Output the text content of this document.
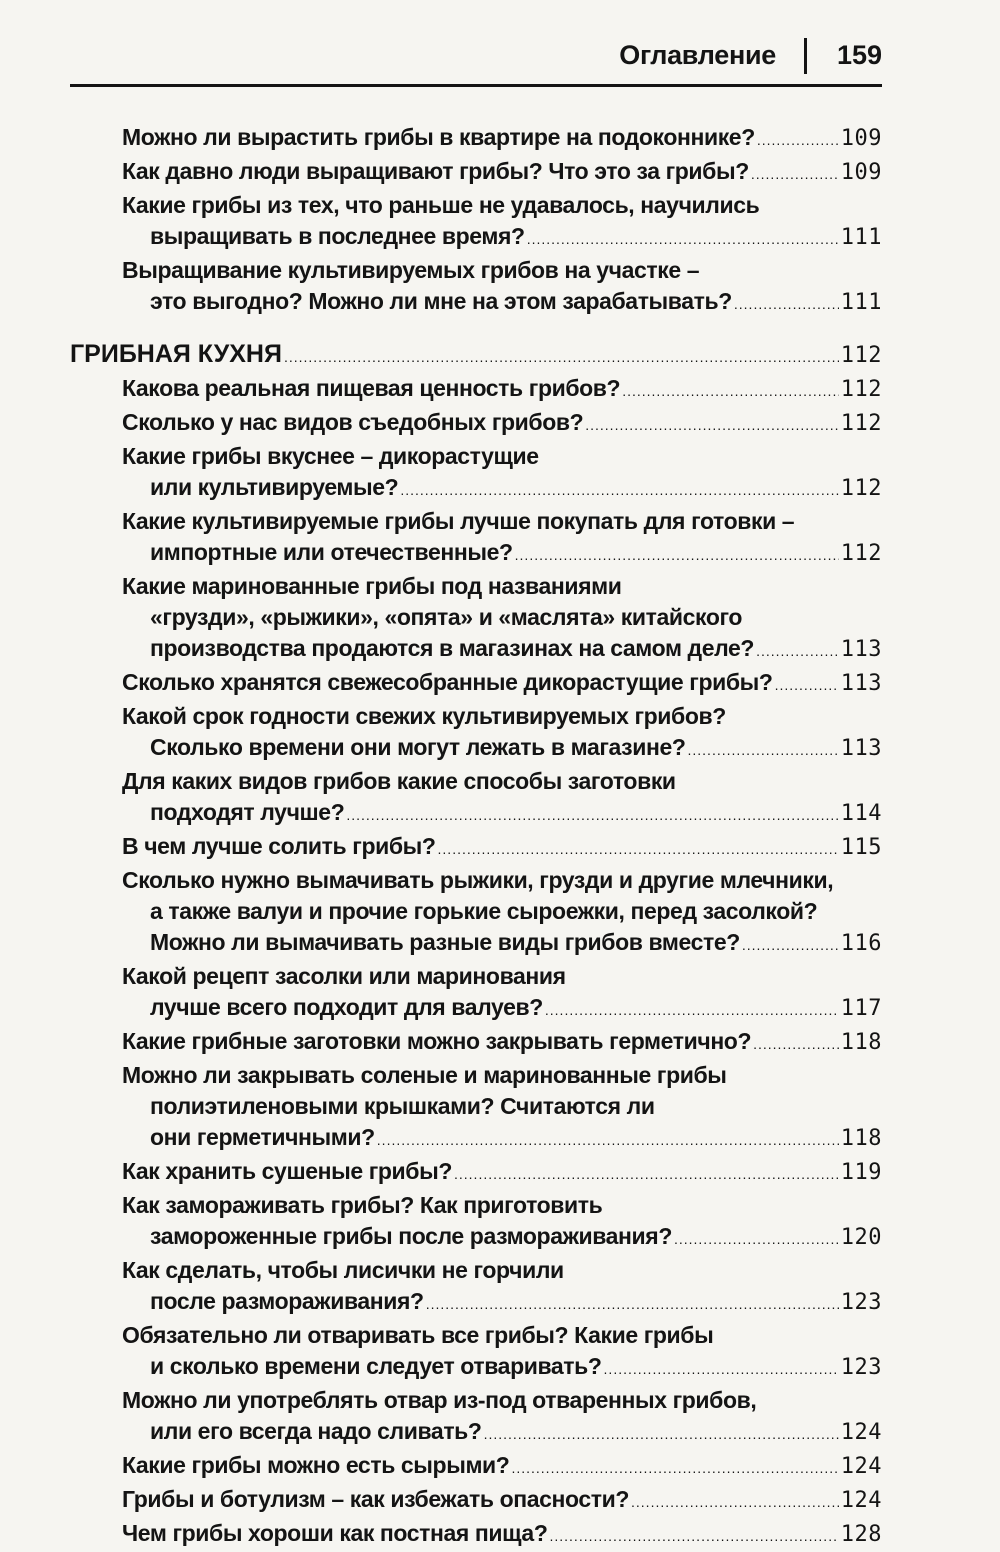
Оглавление 159
Можно ли вырастить грибы в квартире на подоконнике? .....	109
Как давно люди выращивают грибы? Что это за грибы? .....	109
Какие грибы из тех, что раньше не удавалось, научились
выращивать в последнее время? .....	111
Выращивание культивируемых грибов на участке –
это выгодно? Можно ли мне на этом зарабатывать? .....	111
ГРИБНАЯ КУХНЯ .....	112
Какова реальная пищевая ценность грибов? .....	112
Сколько у нас видов съедобных грибов? .....	112
Какие грибы вкуснее – дикорастущие
или культивируемые? .....	112
Какие культивируемые грибы лучше покупать для готовки –
импортные или отечественные? .....	112
Какие маринованные грибы под названиями
«грузди», «рыжики», «опята» и «маслята» китайского
производства продаются в магазинах на самом деле? .....	113
Сколько хранятся свежесобранные дикорастущие грибы? .....	113
Какой срок годности свежих культивируемых грибов?
Сколько времени они могут лежать в магазине? .....	113
Для каких видов грибов какие способы заготовки
подходят лучше? .....	114
В чем лучше солить грибы? .....	115
Сколько нужно вымачивать рыжики, грузди и другие млечники,
а также валуи и прочие горькие сыроежки, перед засолкой?
Можно ли вымачивать разные виды грибов вместе? .....	116
Какой рецепт засолки или маринования
лучше всего подходит для валуев? .....	117
Какие грибные заготовки можно закрывать герметично? .....	118
Можно ли закрывать соленые и маринованные грибы
полиэтиленовыми крышками? Считаются ли
они герметичными? .....	118
Как хранить сушеные грибы? .....	119
Как замораживать грибы? Как приготовить
замороженные грибы после размораживания? .....	120
Как сделать, чтобы лисички не горчили
после размораживания? .....	123
Обязательно ли отваривать все грибы? Какие грибы
и сколько времени следует отваривать? .....	123
Можно ли употреблять отвар из-под отваренных грибов,
или его всегда надо сливать? .....	124
Какие грибы можно есть сырыми? .....	124
Грибы и ботулизм – как избежать опасности? .....	124
Чем грибы хороши как постная пища? .....	128
